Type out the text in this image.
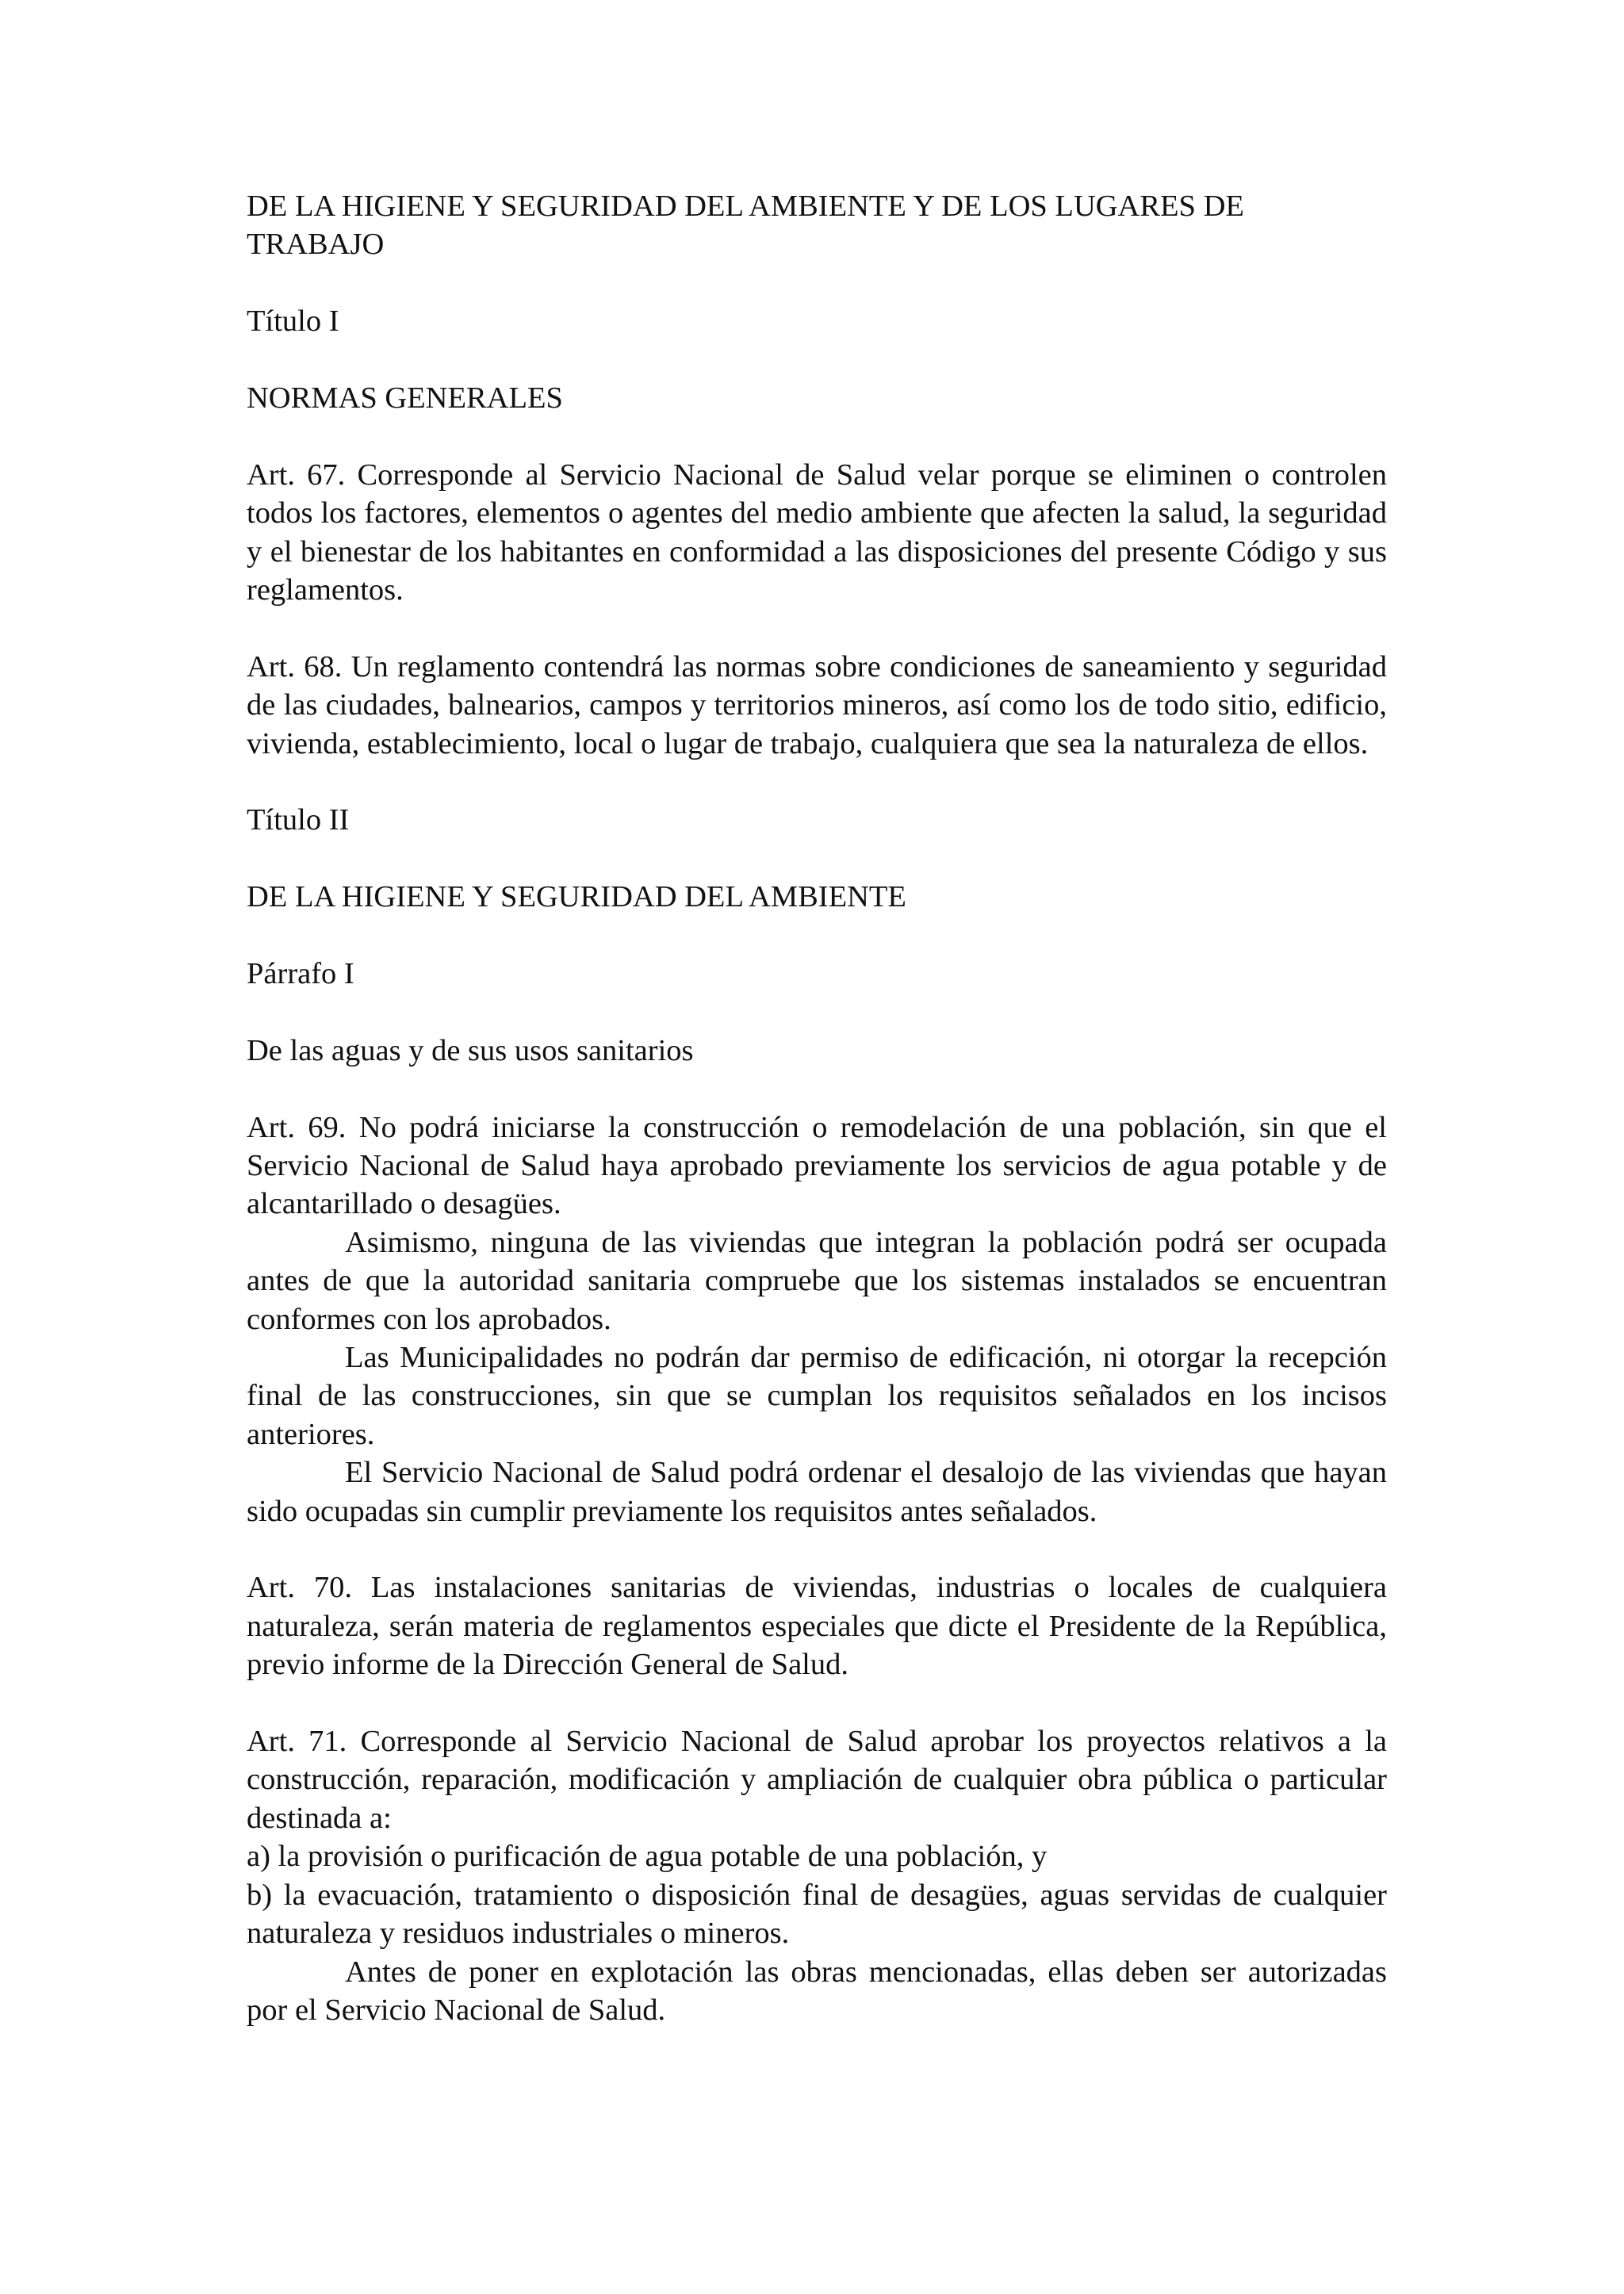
DE LA HIGIENE Y SEGURIDAD DEL AMBIENTE Y DE LOS LUGARES DE TRABAJO
Título I
NORMAS GENERALES
Art. 67. Corresponde al Servicio Nacional de Salud velar porque se eliminen o controlen todos los factores, elementos o agentes del medio ambiente que afecten la salud, la seguridad y el bienestar de los habitantes en conformidad a las disposiciones del presente Código y sus reglamentos.
Art. 68. Un reglamento contendrá las normas sobre condiciones de saneamiento y seguridad de las ciudades, balnearios, campos y territorios mineros, así como los de todo sitio, edificio, vivienda, establecimiento, local o lugar de trabajo, cualquiera que sea la naturaleza de ellos.
Título II
DE LA HIGIENE Y SEGURIDAD DEL AMBIENTE
Párrafo I
De las aguas y de sus usos sanitarios

Art. 69. No podrá iniciarse la construcción o remodelación de una población, sin que el Servicio Nacional de Salud haya aprobado previamente los servicios de agua potable y de alcantarillado o desagües.

Asimismo, ninguna de las viviendas que integran la población podrá ser ocupada antes de que la autoridad sanitaria compruebe que los sistemas instalados se encuentran conformes con los aprobados.

Las Municipalidades no podrán dar permiso de edificación, ni otorgar la recepción final de las construcciones, sin que se cumplan los requisitos señalados en los incisos anteriores.

El Servicio Nacional de Salud podrá ordenar el desalojo de las viviendas que hayan sido ocupadas sin cumplir previamente los requisitos antes señalados.

Art. 70. Las instalaciones sanitarias de viviendas, industrias o locales de cualquiera naturaleza, serán materia de reglamentos especiales que dicte el Presidente de la República, previo informe de la Dirección General de Salud.

Art. 71. Corresponde al Servicio Nacional de Salud aprobar los proyectos relativos a la construcción, reparación, modificación y ampliación de cualquier obra pública o particular destinada a:

a) la provisión o purificación de agua potable de una población, y

b) la evacuación, tratamiento o disposición final de desagües, aguas servidas de cualquier naturaleza y residuos industriales o mineros.

Antes de poner en explotación las obras mencionadas, ellas deben ser autorizadas por el Servicio Nacional de Salud.
